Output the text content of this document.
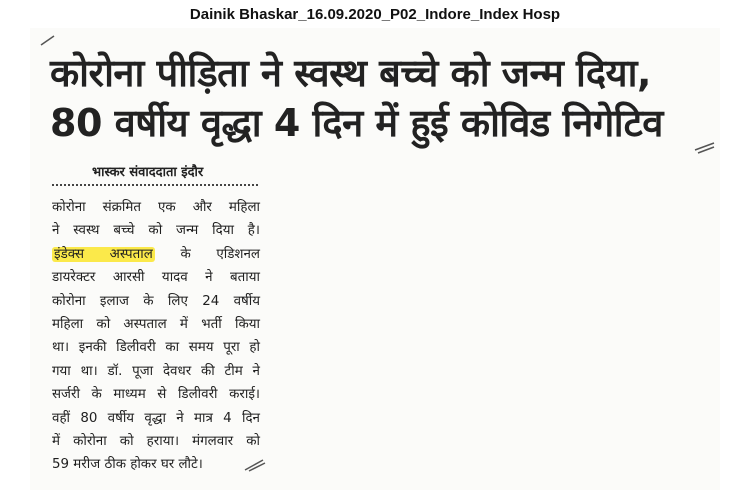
Dainik Bhaskar_16.09.2020_P02_Indore_Index Hosp
कोरोना पीड़िता ने स्वस्थ बच्चे को जन्म दिया,
80 वर्षीय वृद्धा 4 दिन में हुई कोविड निगेटिव
भास्कर संवाददाता इंदौर
कोरोना संक्रमित एक और महिला
ने स्वस्थ बच्चे को जन्म दिया है।
इंडेक्स अस्पताल के एडिशनल
डायरेक्टर आरसी यादव ने बताया
कोरोना इलाज के लिए 24 वर्षीय
महिला को अस्पताल में भर्ती किया
था। इनकी डिलीवरी का समय पूरा हो
गया था। डॉ. पूजा देवधर की टीम ने
सर्जरी के माध्यम से डिलीवरी कराई।
वहीं 80 वर्षीय वृद्धा ने मात्र 4 दिन
में कोरोना को हराया। मंगलवार को
59 मरीज ठीक होकर घर लौटे।
